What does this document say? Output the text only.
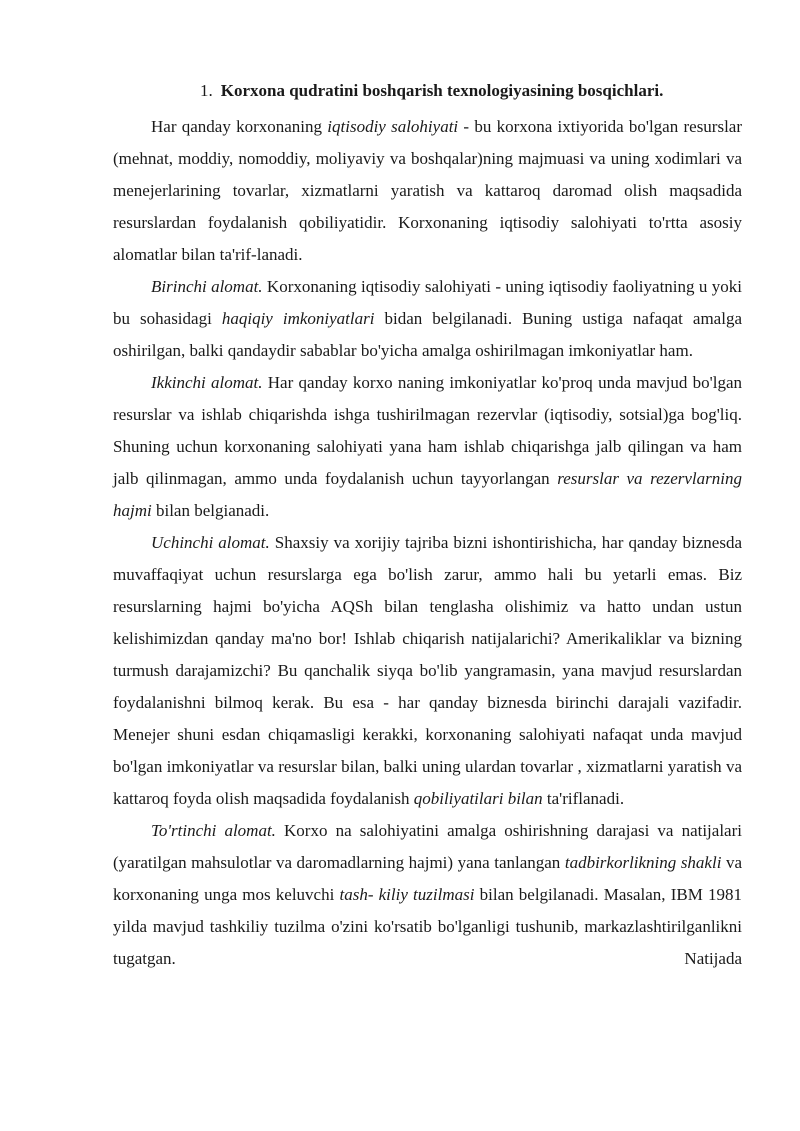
1. Korxona qudratini boshqarish texnologiyasining bosqichlari.

Har qanday korxonaning iqtisodiy salohiyati - bu korxona ixtiyorida bo'lgan resurslar (mehnat, moddiy, nomoddiy, moliyaviy va boshqalar)ning majmuasi va uning xodimlari va menejerlarining tovarlar, xizmatlarni yaratish va kattaroq daromad olish maqsadida resurslardan foydalanish qobiliyatidir. Korxonaning iqtisodiy salohiyati to'rtta asosiy alomatlar bilan ta'rif-lanadi.

Birinchi alomat. Korxonaning iqtisodiy salohiyati - uning iqtisodiy faoliyatning u yoki bu sohasidagi haqiqiy imkoniyatlari bidan belgilanadi. Buning ustiga nafaqat amalga oshirilgan, balki qandaydir sabablar bo'yicha amalga oshirilmagan imkoniyatlar ham.

Ikkinchi alomat. Har qanday korxo naning imkoniyatlar ko'proq unda mavjud bo'lgan resurslar va ishlab chiqarishda ishga tushirilmagan rezervlar (iqtisodiy, sotsial)ga bog'liq. Shuning uchun korxonaning salohiyati yana ham ishlab chiqarishga jalb qilingan va ham jalb qilinmagan, ammo unda foydalanish uchun tayyorlangan resurslar va rezervlarning hajmi bilan belgianadi.

Uchinchi alomat. Shaxsiy va xorijiy tajriba bizni ishontirishicha, har qanday biznesda muvaffaqiyat uchun resurslarga ega bo'lish zarur, ammo hali bu yetarli emas. Biz resurslarning hajmi bo'yicha AQSh bilan tenglasha olishimiz va hatto undan ustun kelishimizdan qanday ma'no bor! Ishlab chiqarish natijalarichi? Amerikaliklar va bizning turmush darajamizchi? Bu qanchalik siyqa bo'lib yangramasin, yana mavjud resurslardan foydalanishni bilmoq kerak. Bu esa - har qanday biznesda birinchi darajali vazifadir. Menejer shuni esdan chiqamasligi kerakki, korxonaning salohiyati nafaqat unda mavjud bo'lgan imkoniyatlar va resurslar bilan, balki uning ulardan tovarlar , xizmatlarni yaratish va kattaroq foyda olish maqsadida foydalanish qobiliyatilari bilan ta'riflanadi.

To'rtinchi alomat. Korxo na salohiyatini amalga oshirishning darajasi va natijalari (yaratilgan mahsulotlar va daromadlarning hajmi) yana tanlangan tadbirkorlikning shakli va korxonaning unga mos keluvchi tash- kiliy tuzilmasi bilan belgilanadi. Masalan, IBM 1981 yilda mavjud tashkiliy tuzilma o'zini ko'rsatib bo'lganligi tushunib, markazlashtirilganlikni tugatgan. Natijada
